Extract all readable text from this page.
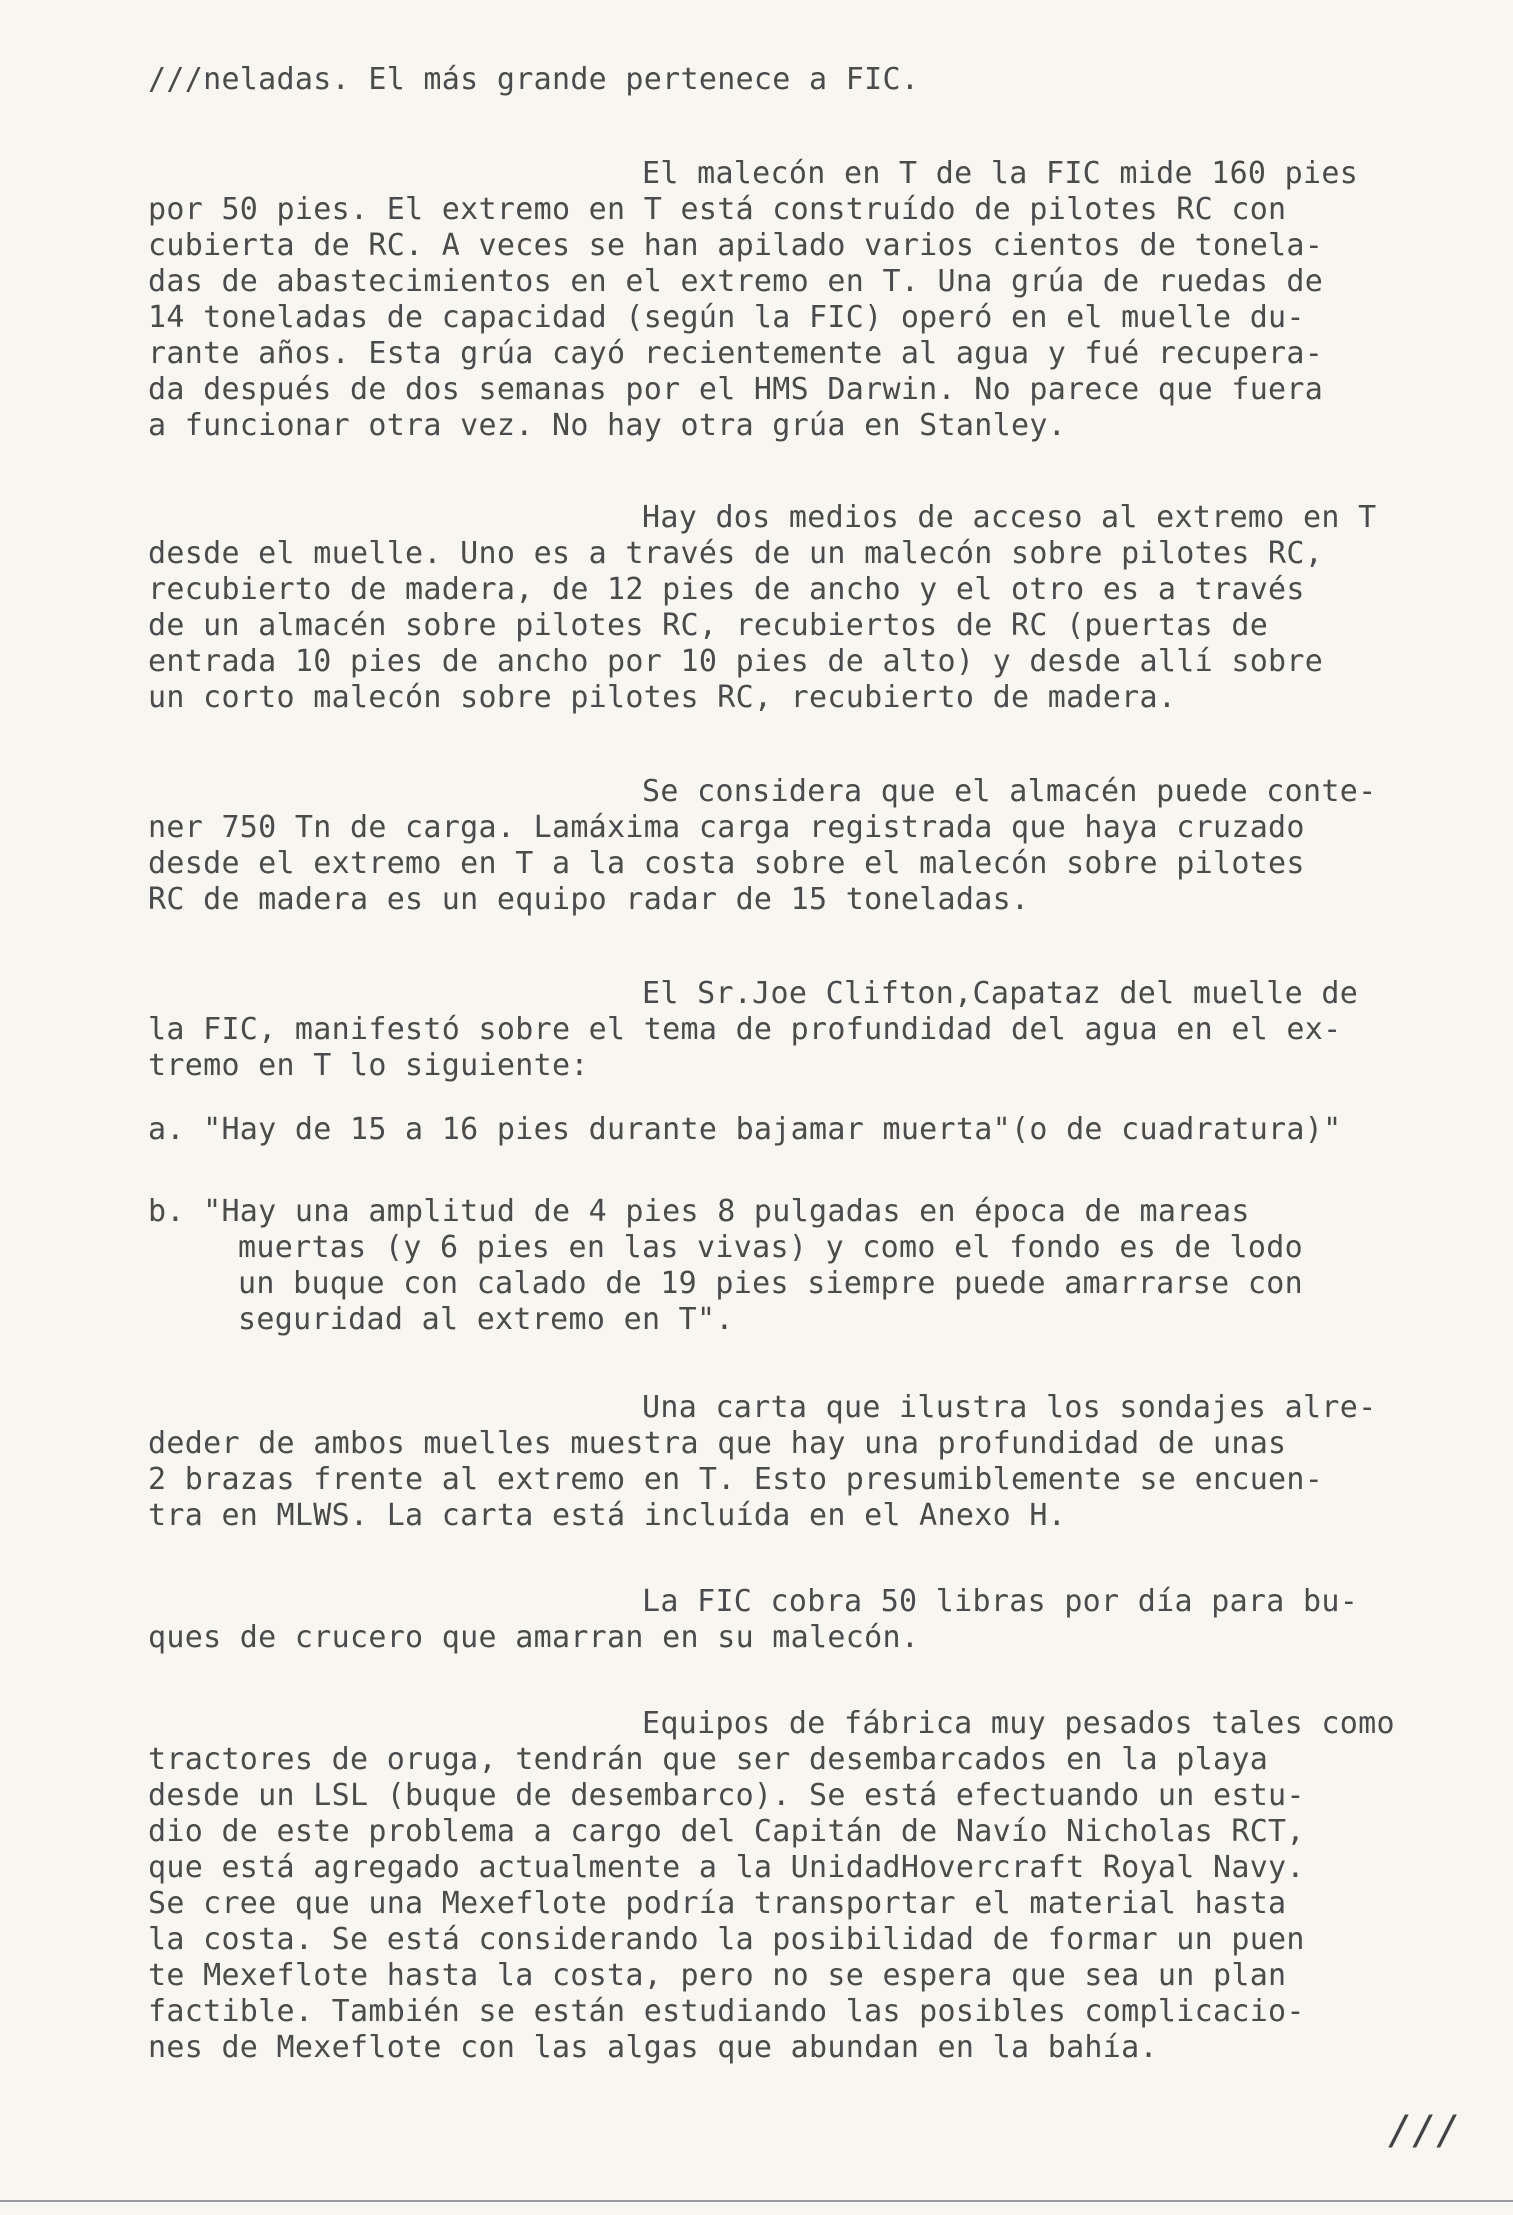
///neladas. El más grande pertenece a FIC.
El malecón en T de la FIC mide 160 pies
por 50 pies. El extremo en T está construído de pilotes RC con
cubierta de RC. A veces se han apilado varios cientos de tonela-
das de abastecimientos en el extremo en T. Una grúa de ruedas de
14 toneladas de capacidad (según la FIC) operó en el muelle du-
rante años. Esta grúa cayó recientemente al agua y fué recupera-
da después de dos semanas por el HMS Darwin. No parece que fuera
a funcionar otra vez. No hay otra grúa en Stanley.
Hay dos medios de acceso al extremo en T
desde el muelle. Uno es a través de un malecón sobre pilotes RC,
recubierto de madera, de 12 pies de ancho y el otro es a través
de un almacén sobre pilotes RC, recubiertos de RC (puertas de
entrada 10 pies de ancho por 10 pies de alto) y desde allí sobre
un corto malecón sobre pilotes RC, recubierto de madera.
Se considera que el almacén puede conte-
ner 750 Tn de carga. Lamáxima carga registrada que haya cruzado
desde el extremo en T a la costa sobre el malecón sobre pilotes
RC de madera es un equipo radar de 15 toneladas.
El Sr.Joe Clifton,Capataz del muelle de
la FIC, manifestó sobre el tema de profundidad del agua en el ex-
tremo en T lo siguiente:
a. "Hay de 15 a 16 pies durante bajamar muerta"(o de cuadratura)"
b. "Hay una amplitud de 4 pies 8 pulgadas en época de mareas
muertas (y 6 pies en las vivas) y como el fondo es de lodo
un buque con calado de 19 pies siempre puede amarrarse con
seguridad al extremo en T".
Una carta que ilustra los sondajes alre-
deder de ambos muelles muestra que hay una profundidad de unas
2 brazas frente al extremo en T. Esto presumiblemente se encuen-
tra en MLWS. La carta está incluída en el Anexo H.
La FIC cobra 50 libras por día para bu-
ques de crucero que amarran en su malecón.
Equipos de fábrica muy pesados tales como
tractores de oruga, tendrán que ser desembarcados en la playa
desde un LSL (buque de desembarco). Se está efectuando un estu-
dio de este problema a cargo del Capitán de Navío Nicholas RCT,
que está agregado actualmente a la UnidadHovercraft Royal Navy.
Se cree que una Mexeflote podría transportar el material hasta
la costa. Se está considerando la posibilidad de formar un puen
te Mexeflote hasta la costa, pero no se espera que sea un plan
factible. También se están estudiando las posibles complicacio-
nes de Mexeflote con las algas que abundan en la bahía.
///
